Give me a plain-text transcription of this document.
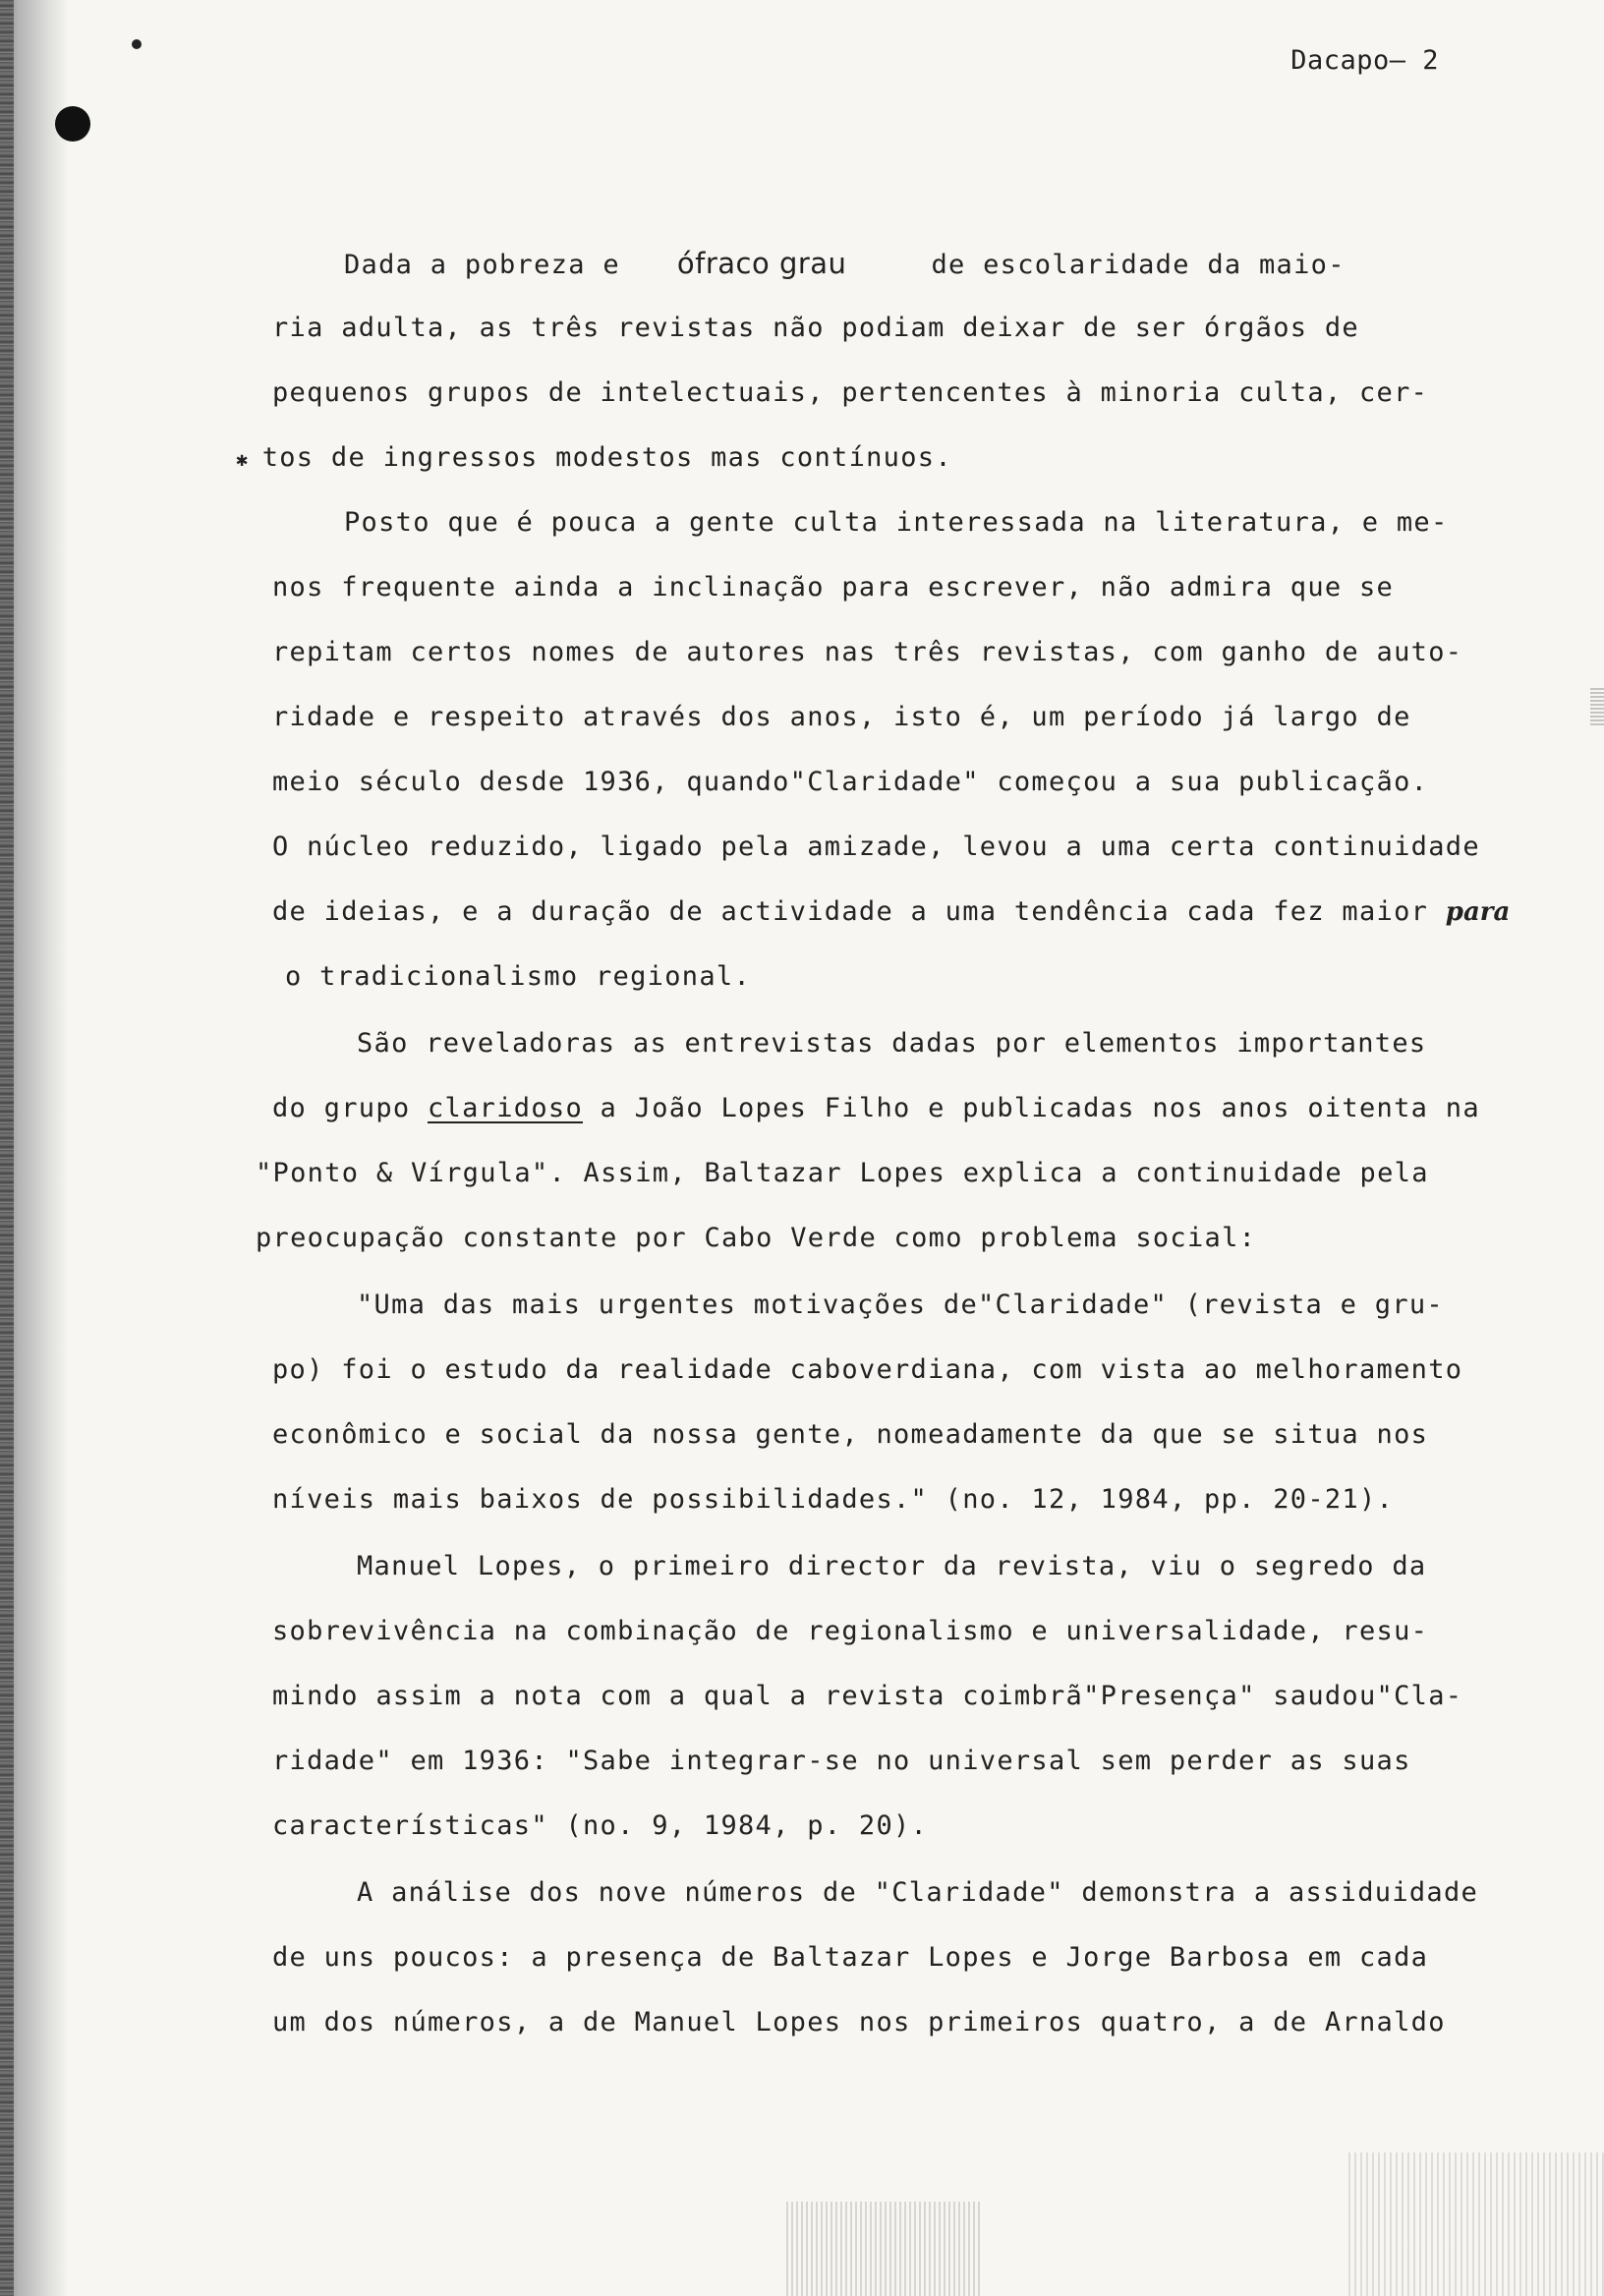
Dacapo— 2
Dada a pobreza e ófraco grau	de escolaridade da maio-
ria adulta, as três revistas não podiam deixar de ser órgãos de
pequenos grupos de intelectuais, pertencentes à minoria culta, cer-
✱ tos de ingressos modestos mas contínuos.
Posto que é pouca a gente culta interessada na literatura, e me-
nos frequente ainda a inclinação para escrever, não admira que se
repitam certos nomes de autores nas três revistas, com ganho de auto-
ridade e respeito através dos anos, isto é, um período já largo de
meio século desde 1936, quando"Claridade" começou a sua publicação.
O núcleo reduzido, ligado pela amizade, levou a uma certa continuidade
de ideias, e a duração de actividade a uma tendência cada fez maior para
o tradicionalismo regional.
São reveladoras as entrevistas dadas por elementos importantes
do grupo claridoso a João Lopes Filho e publicadas nos anos oitenta na
"Ponto & Vírgula". Assim, Baltazar Lopes explica a continuidade pela
preocupação constante por Cabo Verde como problema social:
"Uma das mais urgentes motivações de"Claridade" (revista e gru-
po) foi o estudo da realidade caboverdiana, com vista ao melhoramento
econômico e social da nossa gente, nomeadamente da que se situa nos
níveis mais baixos de possibilidades." (no. 12, 1984, pp. 20-21).
Manuel Lopes, o primeiro director da revista, viu o segredo da
sobrevivência na combinação de regionalismo e universalidade, resu-
mindo assim a nota com a qual a revista coimbrã"Presença" saudou"Cla-
ridade" em 1936: "Sabe integrar-se no universal sem perder as suas
características" (no. 9, 1984, p. 20).
A análise dos nove números de "Claridade" demonstra a assiduidade
de uns poucos: a presença de Baltazar Lopes e Jorge Barbosa em cada
um dos números, a de Manuel Lopes nos primeiros quatro, a de Arnaldo
